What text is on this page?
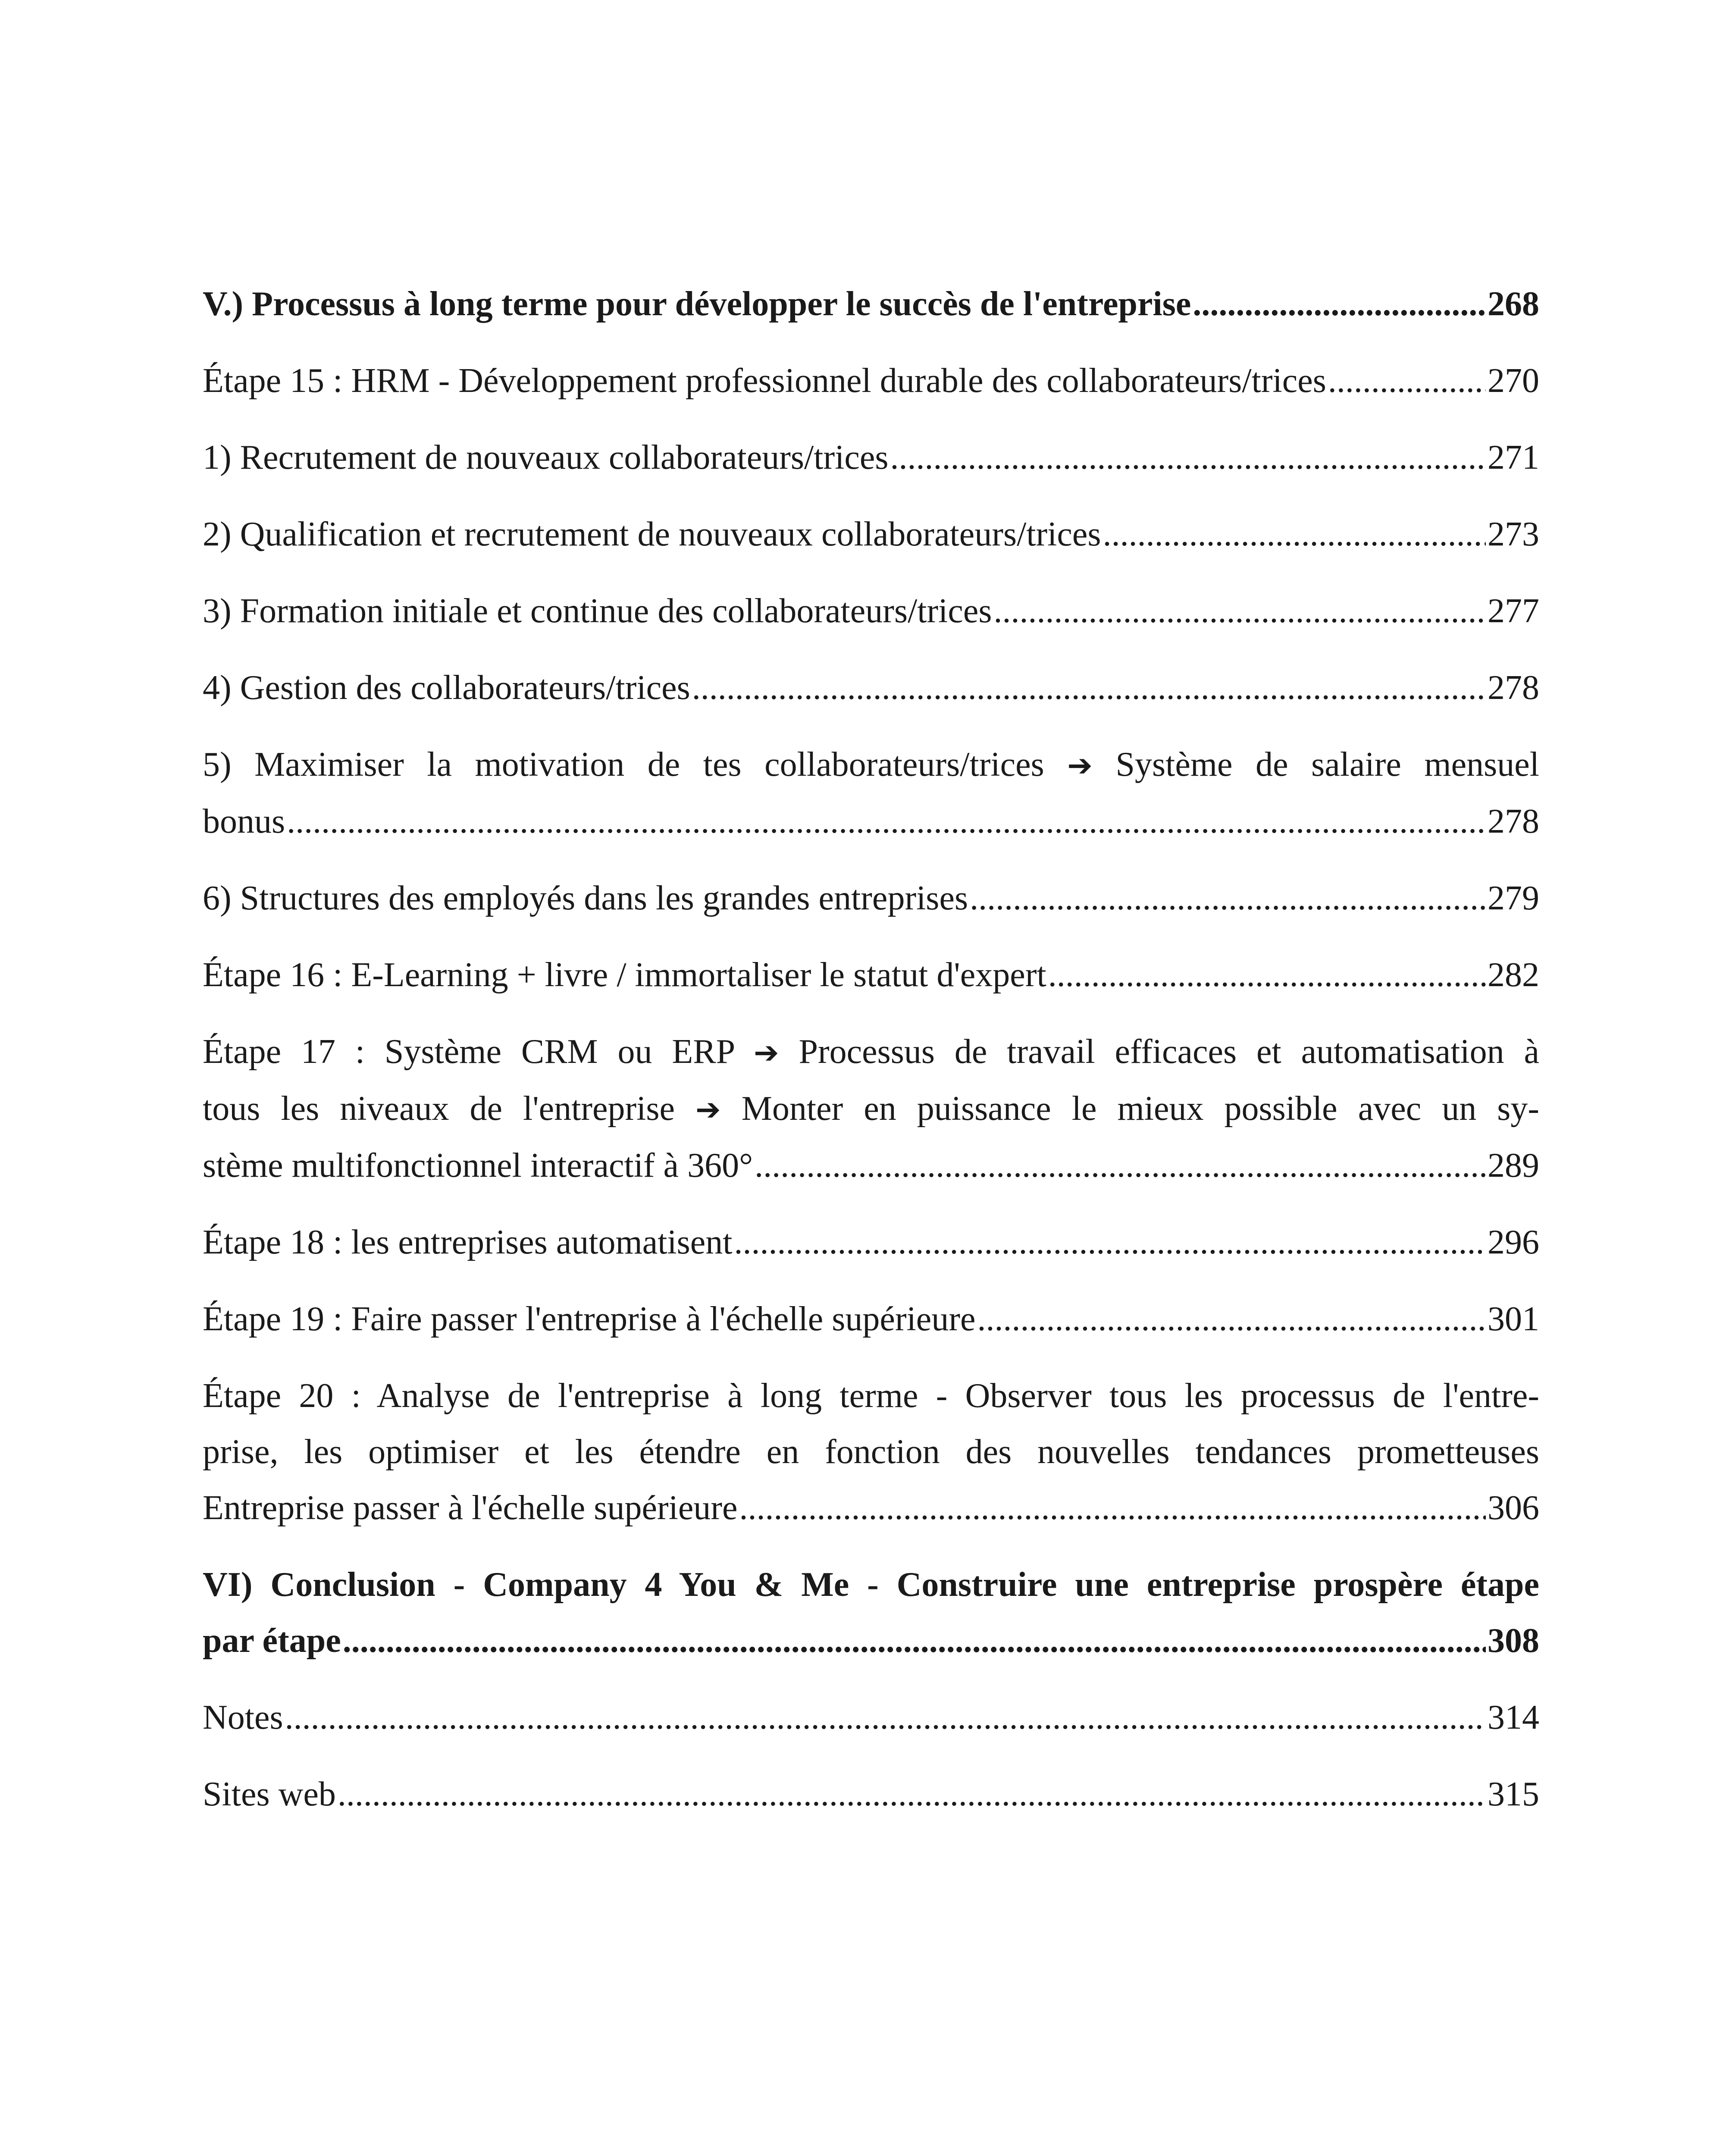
V.) Processus à long terme pour développer le succès de l'entreprise .....	268
Étape 15 : HRM - Développement professionnel durable des collaborateurs/trices .....	270
1) Recrutement de nouveaux collaborateurs/trices .....	271
2) Qualification et recrutement de nouveaux collaborateurs/trices .....	273
3) Formation initiale et continue des collaborateurs/trices .....	277
4) Gestion des collaborateurs/trices .....	278
5) Maximiser la motivation de tes collaborateurs/trices ➔ Système de salaire mensuel
bonus .....	278
6) Structures des employés dans les grandes entreprises .....	279
Étape 16 : E-Learning + livre / immortaliser le statut d'expert .....	282
Étape 17 : Système CRM ou ERP ➔ Processus de travail efficaces et automatisation à
tous les niveaux de l'entreprise ➔ Monter en puissance le mieux possible avec un sy-
stème multifonctionnel interactif à 360° .....	289
Étape 18 : les entreprises automatisent .....	296
Étape 19 : Faire passer l'entreprise à l'échelle supérieure .....	301
Étape 20 : Analyse de l'entreprise à long terme - Observer tous les processus de l'entre-
prise, les optimiser et les étendre en fonction des nouvelles tendances prometteuses
Entreprise passer à l'échelle supérieure .....	306
VI) Conclusion - Company 4 You & Me - Construire une entreprise prospère étape
par étape .....	308
Notes .....	314
Sites web .....	315
